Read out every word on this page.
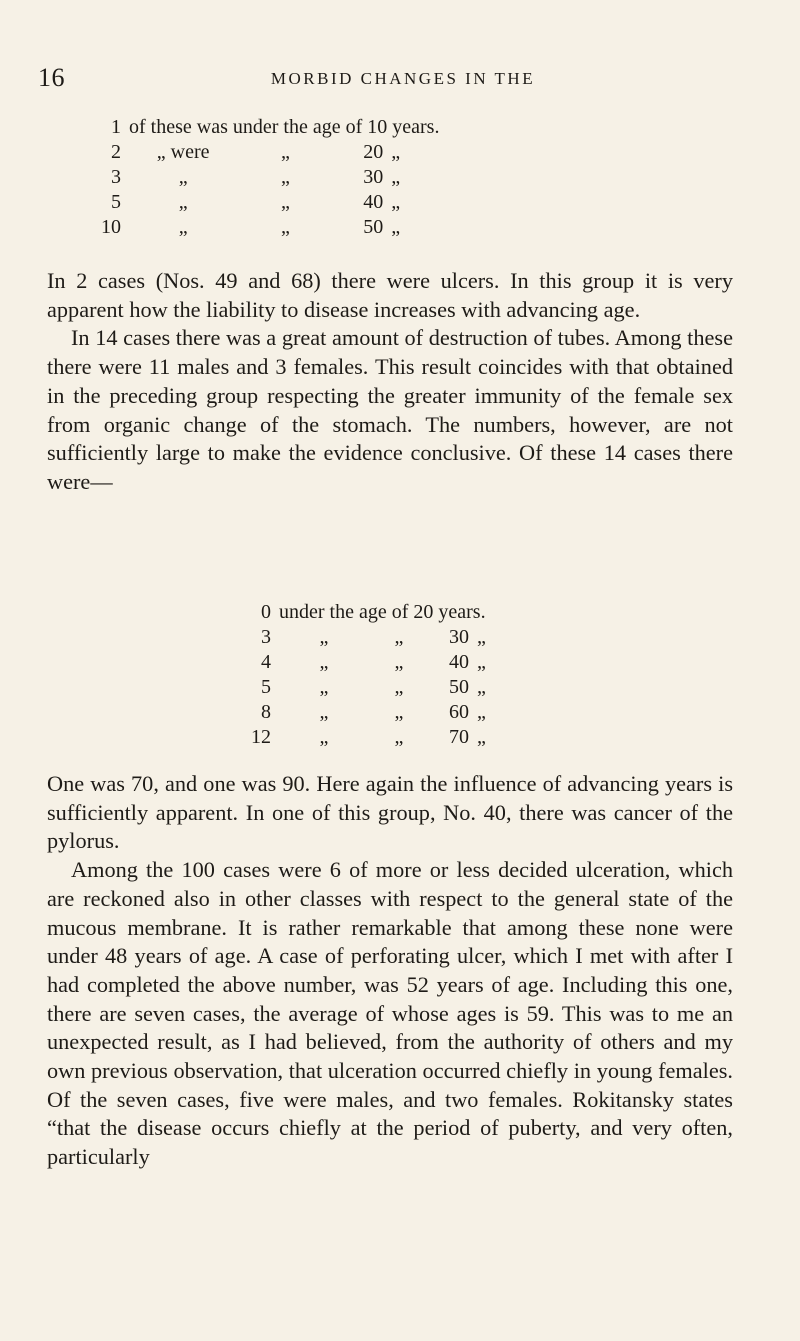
16	MORBID CHANGES IN THE
1	of these was under the age of 10 years.			
2	„ were	„	20	„
3	„	„	30	„
5	„	„	40	„
10	„	„	50	„

In 2 cases (Nos. 49 and 68) there were ulcers. In this group it is very apparent how the liability to disease increases with advancing age.

In 14 cases there was a great amount of destruction of tubes. Among these there were 11 males and 3 females. This result coincides with that obtained in the preceding group respecting the greater immunity of the female sex from organic change of the stomach. The numbers, however, are not sufficiently large to make the evidence conclusive. Of these 14 cases there were—

0	under the age of 20 years.			
3	„	„	30	„
4	„	„	40	„
5	„	„	50	„
8	„	„	60	„
12	„	„	70	„

One was 70, and one was 90. Here again the influence of advancing years is sufficiently apparent. In one of this group, No. 40, there was cancer of the pylorus.

Among the 100 cases were 6 of more or less decided ulceration, which are reckoned also in other classes with respect to the general state of the mucous membrane. It is rather remarkable that among these none were under 48 years of age. A case of perforating ulcer, which I met with after I had completed the above number, was 52 years of age. Including this one, there are seven cases, the average of whose ages is 59. This was to me an unexpected result, as I had believed, from the authority of others and my own previous observation, that ulceration occurred chiefly in young females. Of the seven cases, five were males, and two females. Rokitansky states “that the disease occurs chiefly at the period of puberty, and very often, particularly
